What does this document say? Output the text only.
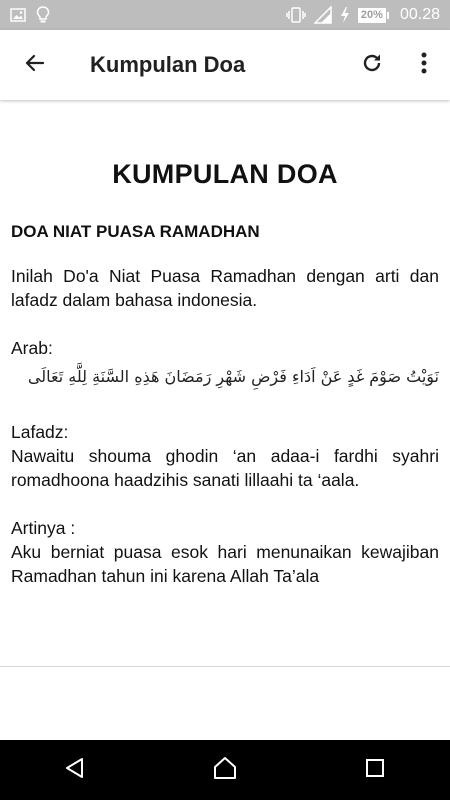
20% 00.28
Kumpulan Doa
KUMPULAN DOA
DOA NIAT PUASA RAMADHAN
Inilah Do'a Niat Puasa Ramadhan dengan arti dan lafadz dalam bahasa indonesia.
Arab:
نَوَيْتُ صَوْمَ غَدٍ عَنْ اَدَاءِ فَرْضِ شَهْرِ رَمَضَانَ هَذِهِ السَّنَةِ لِلَّهِ تَعَالَى
Lafadz:
Nawaitu shouma ghodin ‘an adaa-i fardhi syahri romadhoona haadzihis sanati lillaahi ta ‘aala.
Artinya :
Aku berniat puasa esok hari menunaikan kewajiban Ramadhan tahun ini karena Allah Ta’ala
